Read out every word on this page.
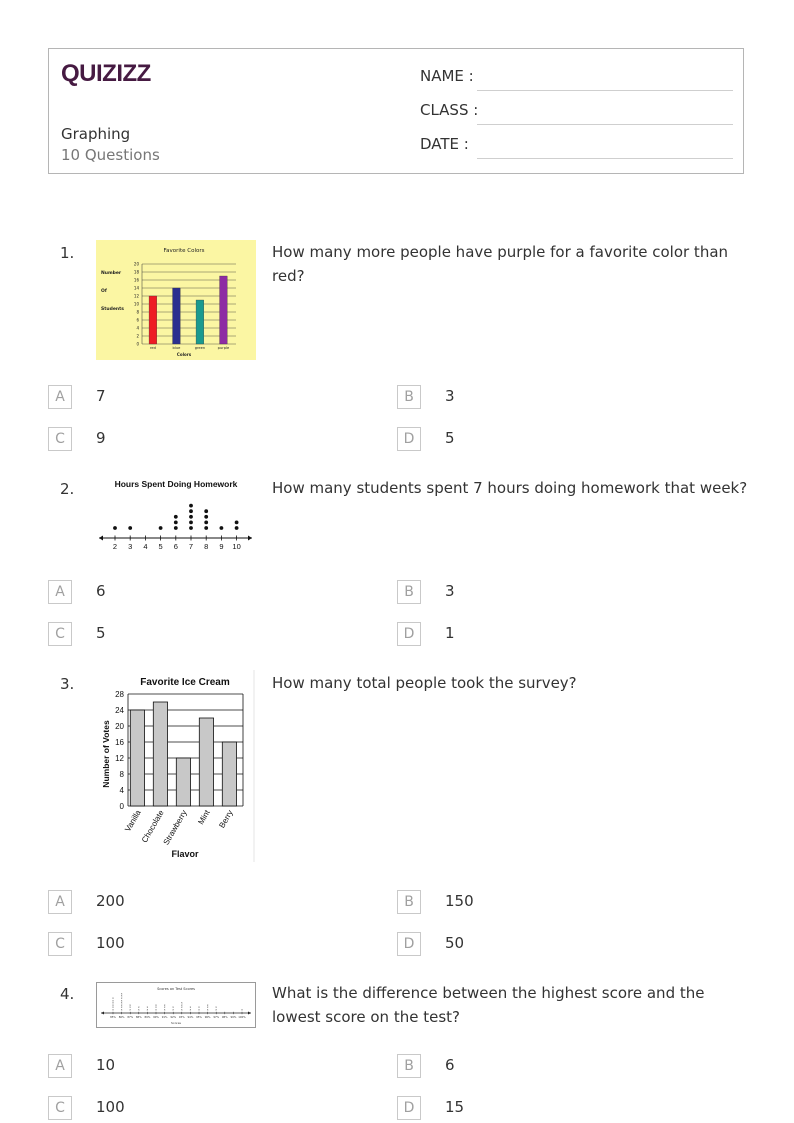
QUIZIZZ
Graphing
10 Questions
NAME :
CLASS :
DATE :
1.	Favorite Colors
Number
Of
Students
20
18
16
14
12
10
8
6
4
2
0
red	blue	green	purple
Colors
How many more people have purple for a favorite color than red?
A	7	B	3
C	9	D	5
2.	Hours Spent Doing Homework
2 3 4 5 6 7 8 9 10
How many students spent 7 hours doing homework that week?
A	6	B	3
C	5	D	1
3.	Favorite Ice Cream
Number of Votes
0
4
8
12
16
20
24
28
Vanilla
Chocolate
Strawberry Mint Berry
Flavor
How many total people took the survey?
A	200	B	150
C	100	D	50
4.	Scores on Test Scores
85% 86% 87% 88% 89% 90% 91% 92% 93% 94% 95% 96% 97% 98% 99% 100%
x
x
x
x
x
x
x
x
x
x
x
x
x
x
x
x
x
x
x
x
x
x
x
x
x
x
x
x
x
x
x
x
x
x
x
x
x
x
x
x
x
x
x
Scores
What is the difference between the highest score and the lowest score on the test?
A	10	B	6
C	100	D	15
